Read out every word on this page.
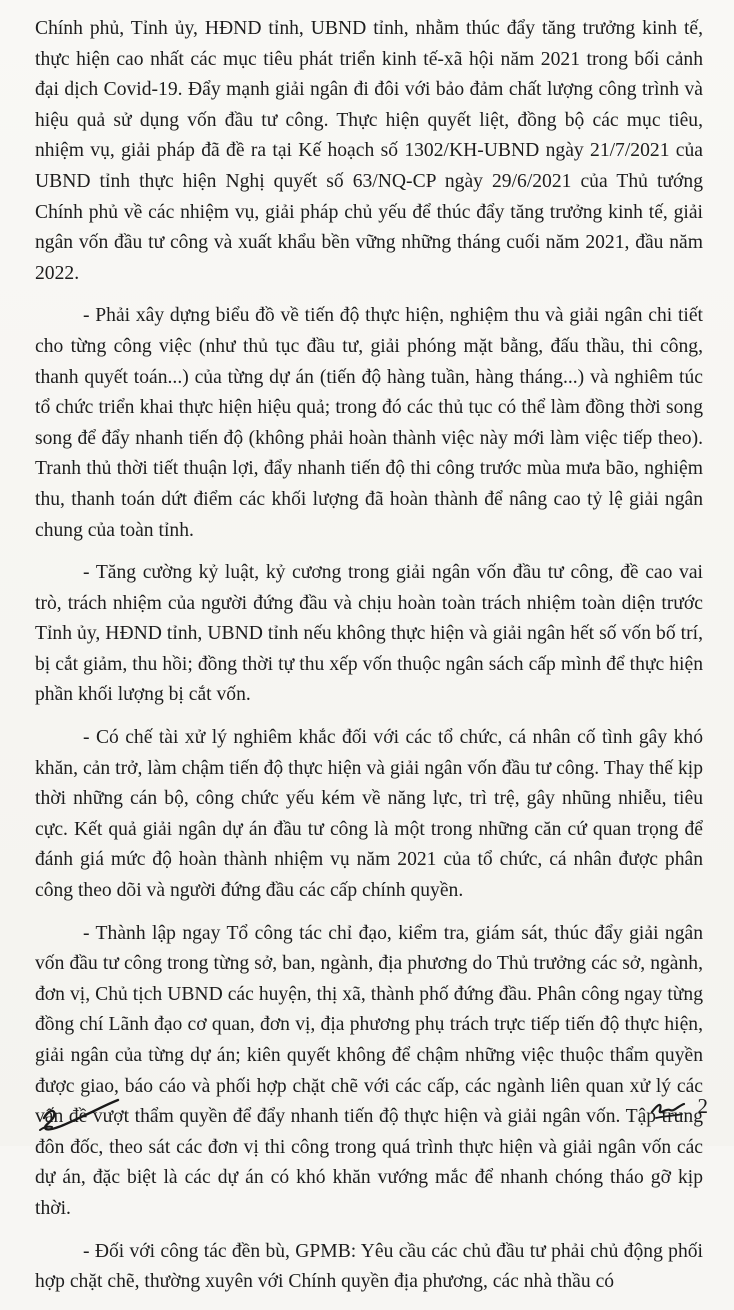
Chính phủ, Tỉnh ủy, HĐND tỉnh, UBND tỉnh, nhằm thúc đẩy tăng trưởng kinh tế, thực hiện cao nhất các mục tiêu phát triển kinh tế-xã hội năm 2021 trong bối cảnh đại dịch Covid-19. Đẩy mạnh giải ngân đi đôi với bảo đảm chất lượng công trình và hiệu quả sử dụng vốn đầu tư công. Thực hiện quyết liệt, đồng bộ các mục tiêu, nhiệm vụ, giải pháp đã đề ra tại Kế hoạch số 1302/KH-UBND ngày 21/7/2021 của UBND tỉnh thực hiện Nghị quyết số 63/NQ-CP ngày 29/6/2021 của Thủ tướng Chính phủ về các nhiệm vụ, giải pháp chủ yếu để thúc đẩy tăng trưởng kinh tế, giải ngân vốn đầu tư công và xuất khẩu bền vững những tháng cuối năm 2021, đầu năm 2022.

- Phải xây dựng biểu đồ về tiến độ thực hiện, nghiệm thu và giải ngân chi tiết cho từng công việc (như thủ tục đầu tư, giải phóng mặt bằng, đấu thầu, thi công, thanh quyết toán...) của từng dự án (tiến độ hàng tuần, hàng tháng...) và nghiêm túc tổ chức triển khai thực hiện hiệu quả; trong đó các thủ tục có thể làm đồng thời song song để đẩy nhanh tiến độ (không phải hoàn thành việc này mới làm việc tiếp theo). Tranh thủ thời tiết thuận lợi, đẩy nhanh tiến độ thi công trước mùa mưa bão, nghiệm thu, thanh toán dứt điểm các khối lượng đã hoàn thành để nâng cao tỷ lệ giải ngân chung của toàn tỉnh.

- Tăng cường kỷ luật, kỷ cương trong giải ngân vốn đầu tư công, đề cao vai trò, trách nhiệm của người đứng đầu và chịu hoàn toàn trách nhiệm toàn diện trước Tỉnh ủy, HĐND tỉnh, UBND tỉnh nếu không thực hiện và giải ngân hết số vốn bố trí, bị cắt giảm, thu hồi; đồng thời tự thu xếp vốn thuộc ngân sách cấp mình để thực hiện phần khối lượng bị cắt vốn.

- Có chế tài xử lý nghiêm khắc đối với các tổ chức, cá nhân cố tình gây khó khăn, cản trở, làm chậm tiến độ thực hiện và giải ngân vốn đầu tư công. Thay thế kịp thời những cán bộ, công chức yếu kém về năng lực, trì trệ, gây nhũng nhiễu, tiêu cực. Kết quả giải ngân dự án đầu tư công là một trong những căn cứ quan trọng để đánh giá mức độ hoàn thành nhiệm vụ năm 2021 của tổ chức, cá nhân được phân công theo dõi và người đứng đầu các cấp chính quyền.

- Thành lập ngay Tổ công tác chỉ đạo, kiểm tra, giám sát, thúc đẩy giải ngân vốn đầu tư công trong từng sở, ban, ngành, địa phương do Thủ trưởng các sở, ngành, đơn vị, Chủ tịch UBND các huyện, thị xã, thành phố đứng đầu. Phân công ngay từng đồng chí Lãnh đạo cơ quan, đơn vị, địa phương phụ trách trực tiếp tiến độ thực hiện, giải ngân của từng dự án; kiên quyết không để chậm những việc thuộc thẩm quyền được giao, báo cáo và phối hợp chặt chẽ với các cấp, các ngành liên quan xử lý các vấn đề vượt thẩm quyền để đẩy nhanh tiến độ thực hiện và giải ngân vốn. Tập trung đôn đốc, theo sát các đơn vị thi công trong quá trình thực hiện và giải ngân vốn các dự án, đặc biệt là các dự án có khó khăn vướng mắc để nhanh chóng tháo gỡ kịp thời.

- Đối với công tác đền bù, GPMB: Yêu cầu các chủ đầu tư phải chủ động phối hợp chặt chẽ, thường xuyên với Chính quyền địa phương, các nhà thầu có

2
